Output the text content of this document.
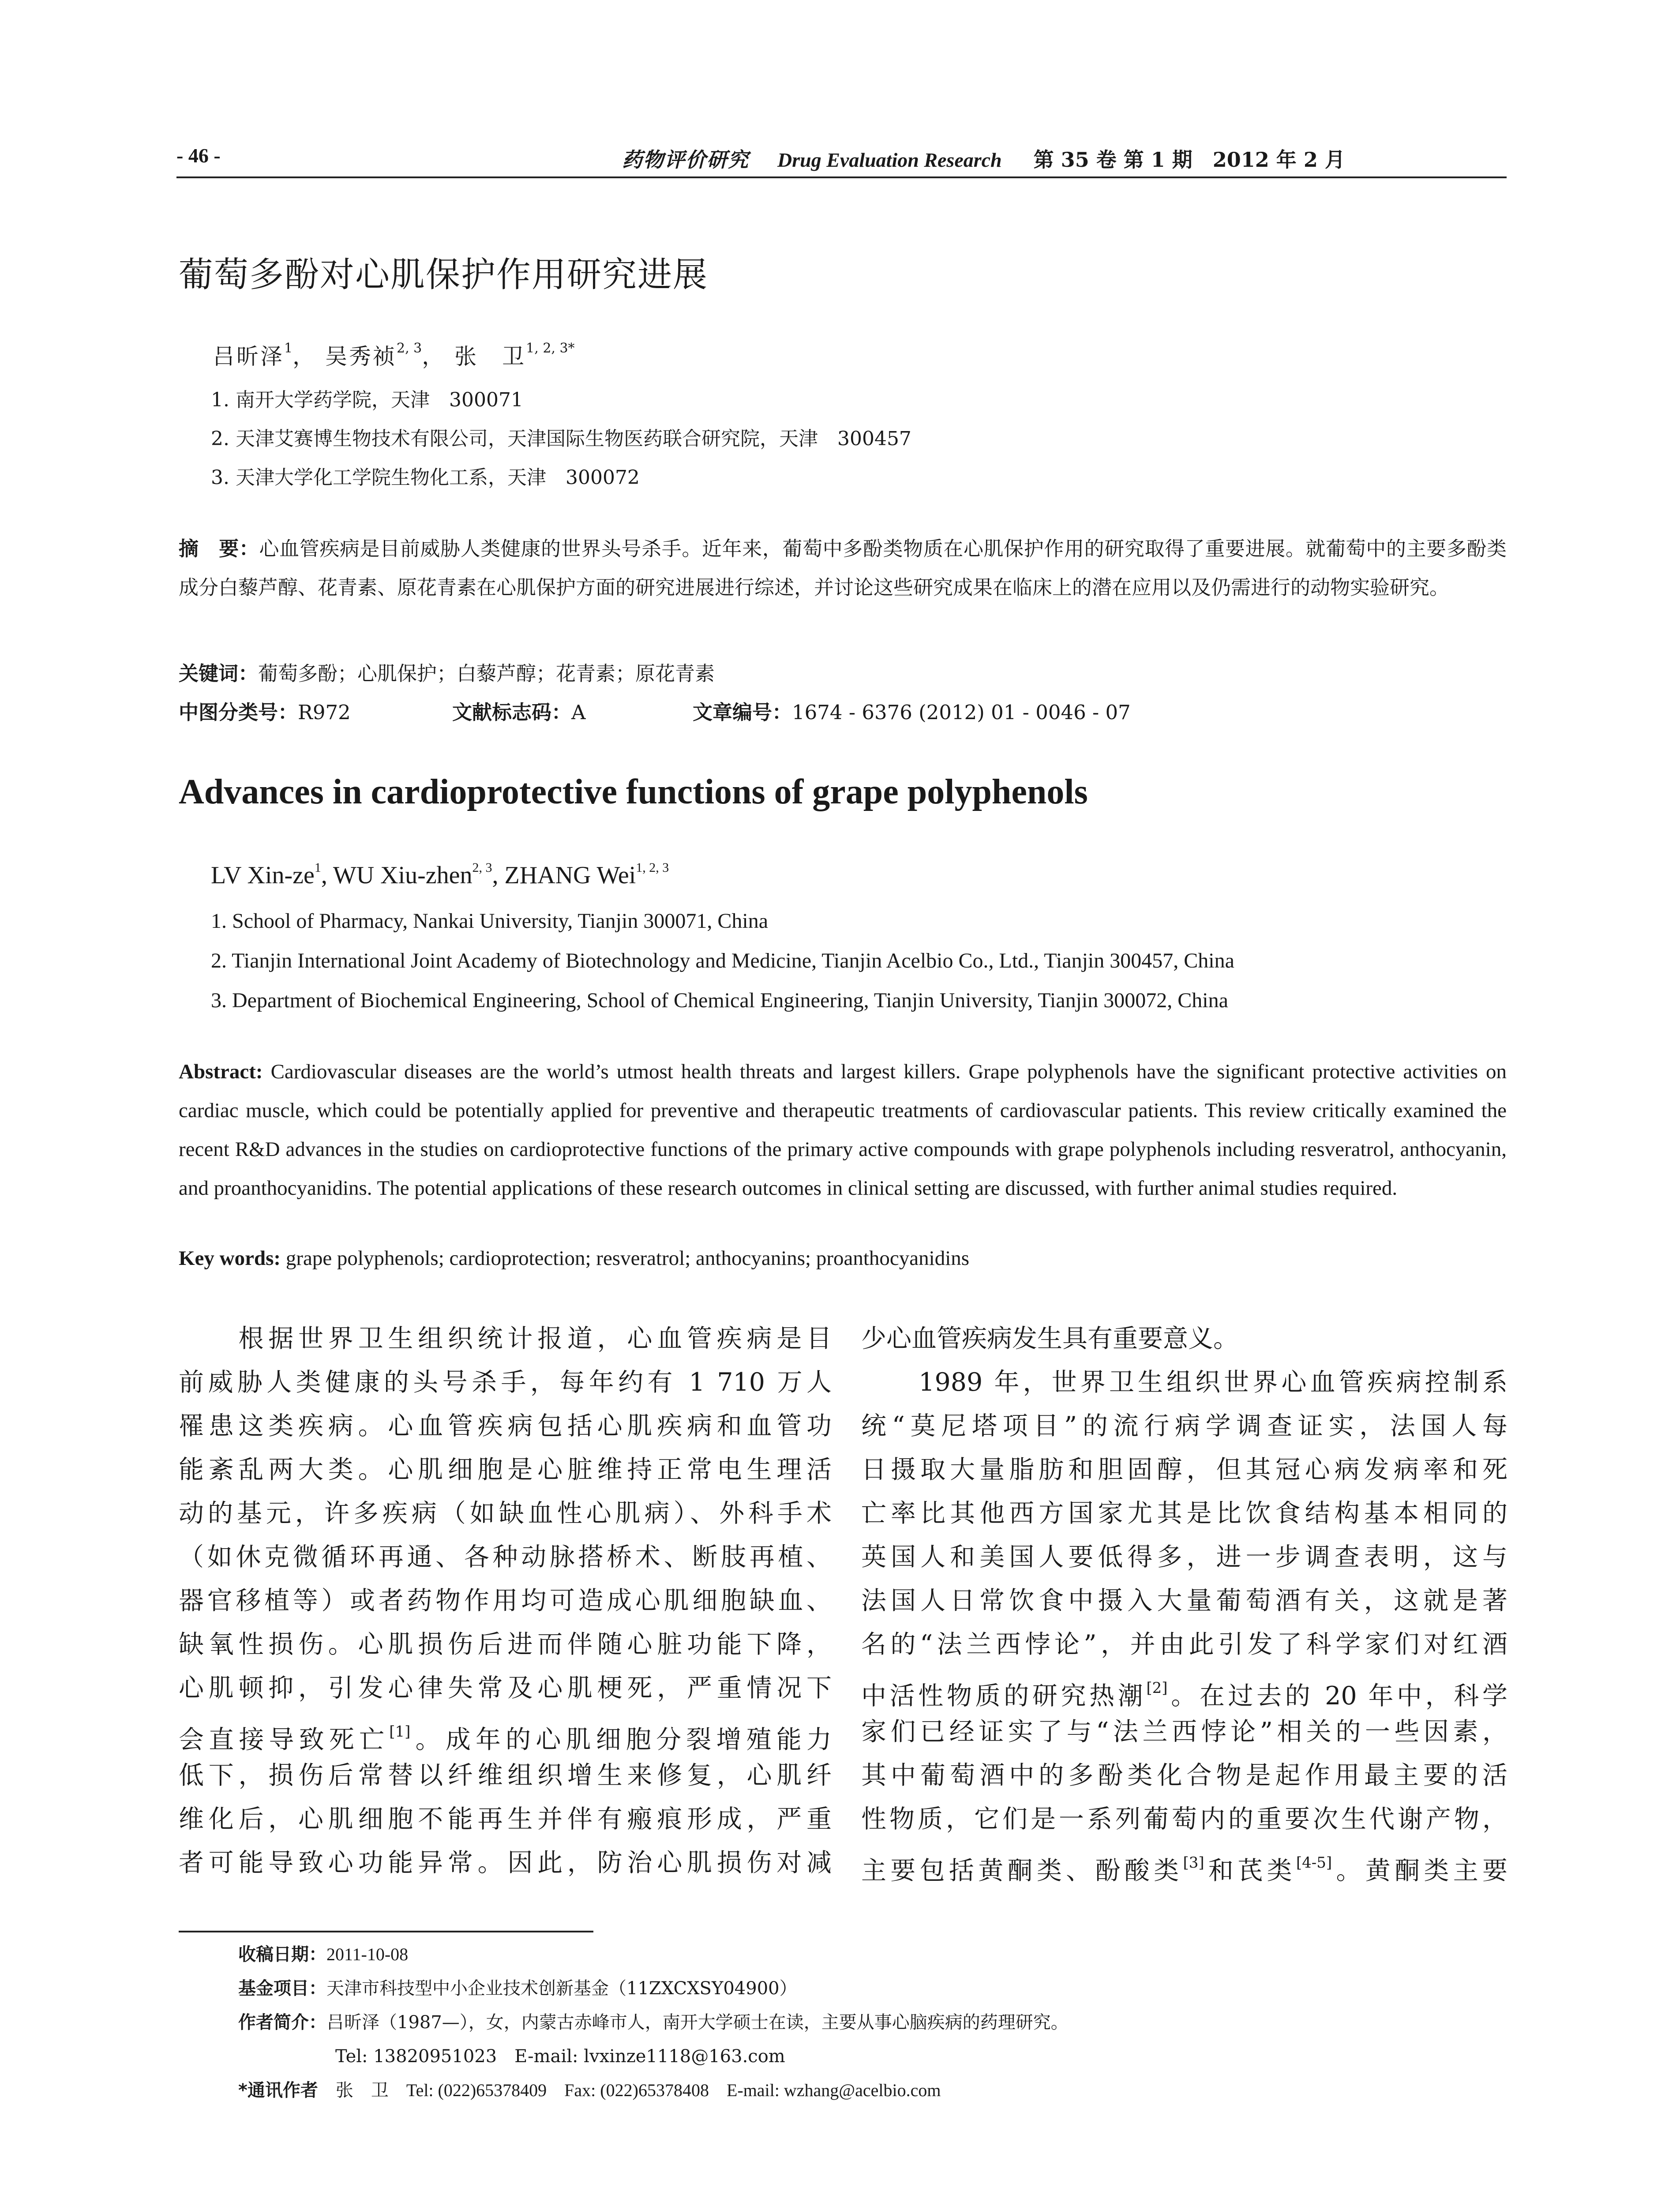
- 46 -	药物评价研究 Drug Evaluation Research 第 35 卷 第 1 期　2012 年 2 月
葡萄多酚对心肌保护作用研究进展
吕昕泽$^1$， 吴秀祯$^{2, 3}$， 张　卫$^{1, 2, 3*}$
1. 南开大学药学院，天津　300071
2. 天津艾赛博生物技术有限公司，天津国际生物医药联合研究院，天津　300457
3. 天津大学化工学院生物化工系，天津　300072
摘　要：心血管疾病是目前威胁人类健康的世界头号杀手。近年来，葡萄中多酚类物质在心肌保护作用的研究取得了重要进展。就葡萄中的主要多酚类成分白藜芦醇、花青素、原花青素在心肌保护方面的研究进展进行综述，并讨论这些研究成果在临床上的潜在应用以及仍需进行的动物实验研究。
关键词：葡萄多酚；心肌保护；白藜芦醇；花青素；原花青素
中图分类号：R972	文献标志码：A	文章编号：1674 - 6376 (2012) 01 - 0046 - 07
Advances in cardioprotective functions of grape polyphenols
LV Xin-$ze^1$, WU Xiu-zhen$^{2, 3}$, ZHANG Wei$^{1, 2, 3}$
1. School of Pharmacy, Nankai University, Tianjin 300071, China
2. Tianjin International Joint Academy of Biotechnology and Medicine, Tianjin Acelbio Co., Ltd., Tianjin 300457, China
3. Department of Biochemical Engineering, School of Chemical Engineering, Tianjin University, Tianjin 300072, China
Abstract: Cardiovascular diseases are the world’s utmost health threats and largest killers. Grape polyphenols have the significant protective activities on cardiac muscle, which could be potentially applied for preventive and therapeutic treatments of cardiovascular patients. This review critically examined the recent R&D advances in the studies on cardioprotective functions of the primary active compounds with grape polyphenols including resveratrol, anthocyanin, and proanthocyanidins. The potential applications of these research outcomes in clinical setting are discussed, with further animal studies required.
Key words: grape polyphenols; cardioprotection; resveratrol; anthocyanins; proanthocyanidins
　　根据世界卫生组织统计报道，心血管疾病是目
前威胁人类健康的头号杀手，每年约有 1 710 万人
罹患这类疾病。心血管疾病包括心肌疾病和血管功
能紊乱两大类。心肌细胞是心脏维持正常电生理活
动的基元，许多疾病（如缺血性心肌病）、外科手术
（如休克微循环再通、各种动脉搭桥术、断肢再植、
器官移植等）或者药物作用均可造成心肌细胞缺血、
缺氧性损伤。心肌损伤后进而伴随心脏功能下降，
心肌顿抑，引发心律失常及心肌梗死，严重情况下
会直接导致死亡[1]。成年的心肌细胞分裂增殖能力
低下，损伤后常替以纤维组织增生来修复，心肌纤
维化后，心肌细胞不能再生并伴有瘢痕形成，严重
者可能导致心功能异常。因此，防治心肌损伤对减
少心血管疾病发生具有重要意义。
　　1989 年，世界卫生组织世界心血管疾病控制系
统“莫尼塔项目”的流行病学调查证实，法国人每
日摄取大量脂肪和胆固醇，但其冠心病发病率和死
亡率比其他西方国家尤其是比饮食结构基本相同的
英国人和美国人要低得多，进一步调查表明，这与
法国人日常饮食中摄入大量葡萄酒有关，这就是著
名的“法兰西悖论”，并由此引发了科学家们对红酒
中活性物质的研究热潮[2]。在过去的 20 年中，科学
家们已经证实了与“法兰西悖论”相关的一些因素，
其中葡萄酒中的多酚类化合物是起作用最主要的活
性物质，它们是一系列葡萄内的重要次生代谢产物，
主要包括黄酮类、酚酸类[3]和芪类[4-5]。黄酮类主要
收稿日期：2011-10-08
基金项目：天津市科技型中小企业技术创新基金（11ZXCXSY04900）
作者简介：吕昕泽（1987—），女，内蒙古赤峰市人，南开大学硕士在读，主要从事心脑疾病的药理研究。
Tel: 13820951023　E-mail: lvxinze1118@163.com
*通讯作者　 张　卫　 Tel: (022)65378409　Fax: (022)65378408　E-mail: wzhang@acelbio.com
